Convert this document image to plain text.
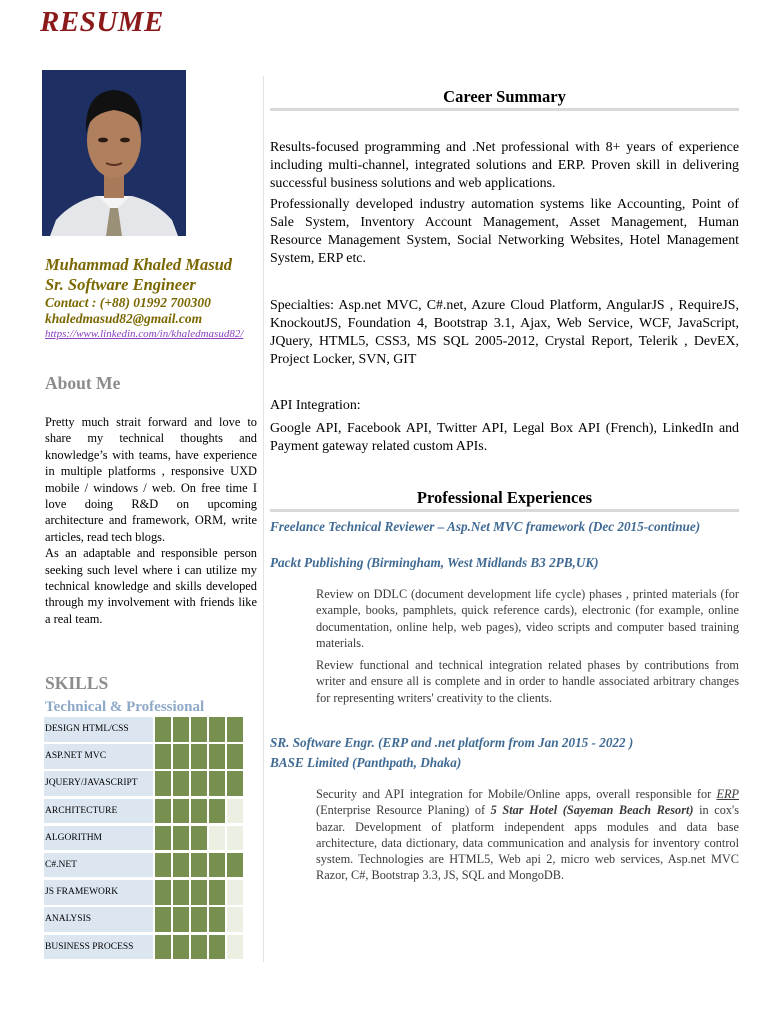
RESUME
Muhammad Khaled Masud
Sr. Software Engineer
Contact : (+88) 01992 700300
khaledmasud82@gmail.com
https://www.linkedin.com/in/khaledmasud82/
About Me

Pretty much strait forward and love to share my technical thoughts and knowledge’s with teams, have experience in multiple platforms , responsive UXD mobile / windows / web. On free time I love doing R&D on upcoming architecture and framework, ORM, write articles, read tech blogs.

As an adaptable and responsible person seeking such level where i can utilize my technical knowledge and skills developed through my involvement with friends like a real team.

SKILLS
Technical & Professional
DESIGN HTML/CSS
ASP.NET MVC
JQUERY/JAVASCRIPT
ARCHITECTURE
ALGORITHM
C#.NET
JS FRAMEWORK
ANALYSIS
BUSINESS PROCESS
Career Summary

Results-focused programming and .Net professional with 8+ years of experience including multi-channel, integrated solutions and ERP. Proven skill in delivering successful business solutions and web applications.

Professionally developed industry automation systems like Accounting, Point of Sale System, Inventory Account Management, Asset Management, Human Resource Management System, Social Networking Websites, Hotel Management System, ERP etc.

Specialties: Asp.net MVC, C#.net, Azure Cloud Platform, AngularJS , RequireJS, KnockoutJS, Foundation 4, Bootstrap 3.1, Ajax, Web Service, WCF, JavaScript, JQuery, HTML5, CSS3, MS SQL 2005-2012, Crystal Report, Telerik , DevEX, Project Locker, SVN, GIT
API Integration:
Google API, Facebook API, Twitter API, Legal Box API (French), LinkedIn and Payment gateway related custom APIs.
Professional Experiences
Freelance Technical Reviewer – Asp.Net MVC framework (Dec 2015-continue)
Packt Publishing (Birmingham, West Midlands B3 2PB,UK)

Review on DDLC (document development life cycle) phases , printed materials (for example, books, pamphlets, quick reference cards), electronic (for example, online documentation, online help, web pages), video scripts and computer based training materials.

Review functional and technical integration related phases by contributions from writer and ensure all is complete and in order to handle associated arbitrary changes for representing writers' creativity to the clients.

SR. Software Engr. (ERP and .net platform from Jan 2015 - 2022 )
BASE Limited (Panthpath, Dhaka)

Security and API integration for Mobile/Online apps, overall responsible for ERP (Enterprise Resource Planing) of 5 Star Hotel (Sayeman Beach Resort) in cox's bazar. Development of platform independent apps modules and data base architecture, data dictionary, data communication and analysis for inventory control system. Technologies are HTML5, Web api 2, micro web services, Asp.net MVC Razor, C#, Bootstrap 3.3, JS, SQL and MongoDB.
